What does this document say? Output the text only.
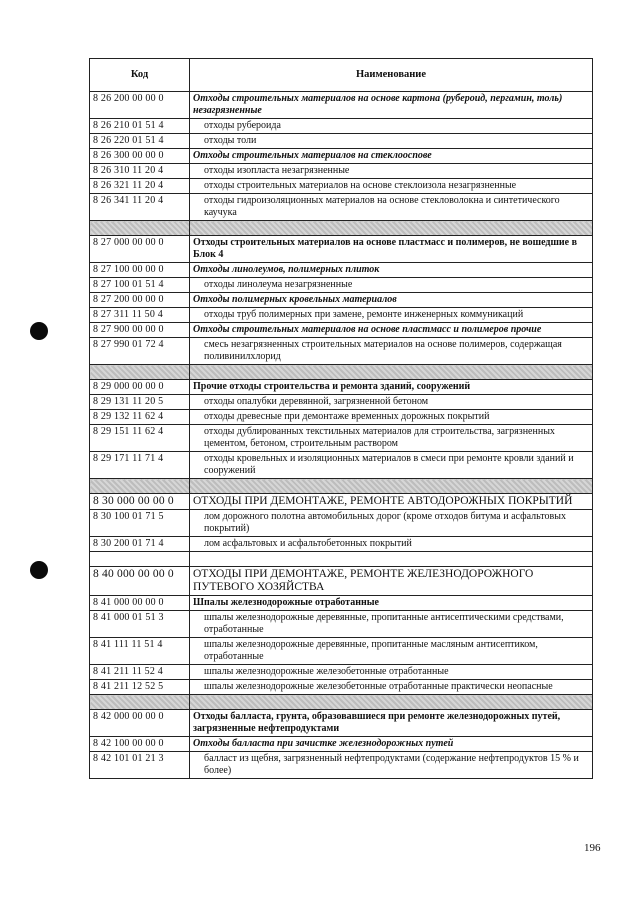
Код	Наименование
8 26 200 00 00 0	Отходы строительных материалов на основе картона (рубероид, пергамин, толь) незагрязненные
8 26 210 01 51 4	отходы рубероида
8 26 220 01 51 4	отходы толи
8 26 300 00 00 0	Отходы строительных материалов на стеклоосnове
8 26 310 11 20 4	отходы изопласта незагрязненные
8 26 321 11 20 4	отходы строительных материалов на основе стеклоизола незагрязненные
8 26 341 11 20 4	отходы гидроизоляционных материалов на основе стекловолокна и синтетического каучука

8 27 000 00 00 0	Отходы строительных материалов на основе пластмасс и полимеров, не вошедшие в Блок 4
8 27 100 00 00 0	Отходы линолеумов, полимерных плиток
8 27 100 01 51 4	отходы линолеума незагрязненные
8 27 200 00 00 0	Отходы полимерных кровельных материалов
8 27 311 11 50 4	отходы труб полимерных при замене, ремонте инженерных коммуникаций
8 27 900 00 00 0	Отходы строительных материалов на основе пластмасс и полимеров прочие
8 27 990 01 72 4	смесь незагрязненных строительных материалов на основе полимеров, содержащая поливинилхлорид

8 29 000 00 00 0	Прочие отходы строительства и ремонта зданий, сооружений
8 29 131 11 20 5	отходы опалубки деревянной, загрязненной бетоном
8 29 132 11 62 4	отходы древесные при демонтаже временных дорожных покрытий
8 29 151 11 62 4	отходы дублированных текстильных материалов для строительства, загрязненных цементом, бетоном, строительным раствором
8 29 171 11 71 4	отходы кровельных и изоляционных материалов в смеси при ремонте кровли зданий и сооружений

8 30 000 00 00 0	ОТХОДЫ ПРИ ДЕМОНТАЖЕ, РЕМОНТЕ АВТОДОРОЖНЫХ ПОКРЫТИЙ
8 30 100 01 71 5	лом дорожного полотна автомобильных дорог (кроме отходов битума и асфальтовых покрытий)
8 30 200 01 71 4	лом асфальтовых и асфальтобетонных покрытий

8 40 000 00 00 0	ОТХОДЫ ПРИ ДЕМОНТАЖЕ, РЕМОНТЕ ЖЕЛЕЗНОДОРОЖНОГО ПУТЕВОГО ХОЗЯЙСТВА
8 41 000 00 00 0	Шпалы железнодорожные отработанные
8 41 000 01 51 3	шпалы железнодорожные деревянные, пропитанные антисептическими средствами, отработанные
8 41 111 11 51 4	шпалы железнодорожные деревянные, пропитанные масляным антисептиком, отработанные
8 41 211 11 52 4	шпалы железнодорожные железобетонные отработанные
8 41 211 12 52 5	шпалы железнодорожные железобетонные отработанные практически неопасные

8 42 000 00 00 0	Отходы балласта, грунта, образовавшиеся при ремонте железнодорожных путей, загрязненные нефтепродуктами
8 42 100 00 00 0	Отходы балласта при зачистке железнодорожных путей
8 42 101 01 21 3	балласт из щебня, загрязненный нефтепродуктами (содержание нефтепродуктов 15 % и более)
196
